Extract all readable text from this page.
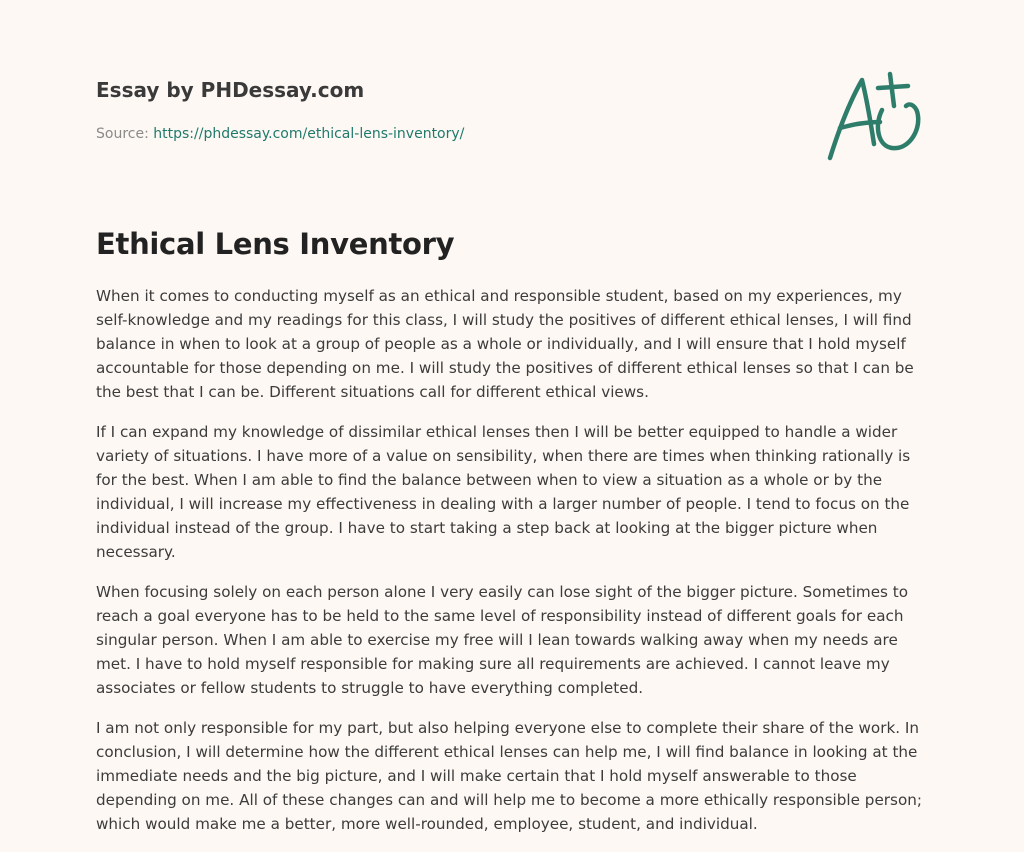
Essay by PHDessay.com
Source: https://phdessay.com/ethical-lens-inventory/
Ethical Lens Inventory

When it comes to conducting myself as an ethical and responsible student, based on my experiences, my self-knowledge and my readings for this class, I will study the positives of different ethical lenses, I will find balance in when to look at a group of people as a whole or individually, and I will ensure that I hold myself accountable for those depending on me. I will study the positives of different ethical lenses so that I can be the best that I can be. Different situations call for different ethical views.

If I can expand my knowledge of dissimilar ethical lenses then I will be better equipped to handle a wider variety of situations. I have more of a value on sensibility, when there are times when thinking rationally is for the best. When I am able to find the balance between when to view a situation as a whole or by the individual, I will increase my effectiveness in dealing with a larger number of people. I tend to focus on the individual instead of the group. I have to start taking a step back at looking at the bigger picture when necessary.

When focusing solely on each person alone I very easily can lose sight of the bigger picture. Sometimes to reach a goal everyone has to be held to the same level of responsibility instead of different goals for each singular person. When I am able to exercise my free will I lean towards walking away when my needs are met. I have to hold myself responsible for making sure all requirements are achieved. I cannot leave my associates or fellow students to struggle to have everything completed.

I am not only responsible for my part, but also helping everyone else to complete their share of the work. In conclusion, I will determine how the different ethical lenses can help me, I will find balance in looking at the immediate needs and the big picture, and I will make certain that I hold myself answerable to those depending on me. All of these changes can and will help me to become a more ethically responsible person; which would make me a better, more well-rounded, employee, student, and individual.
